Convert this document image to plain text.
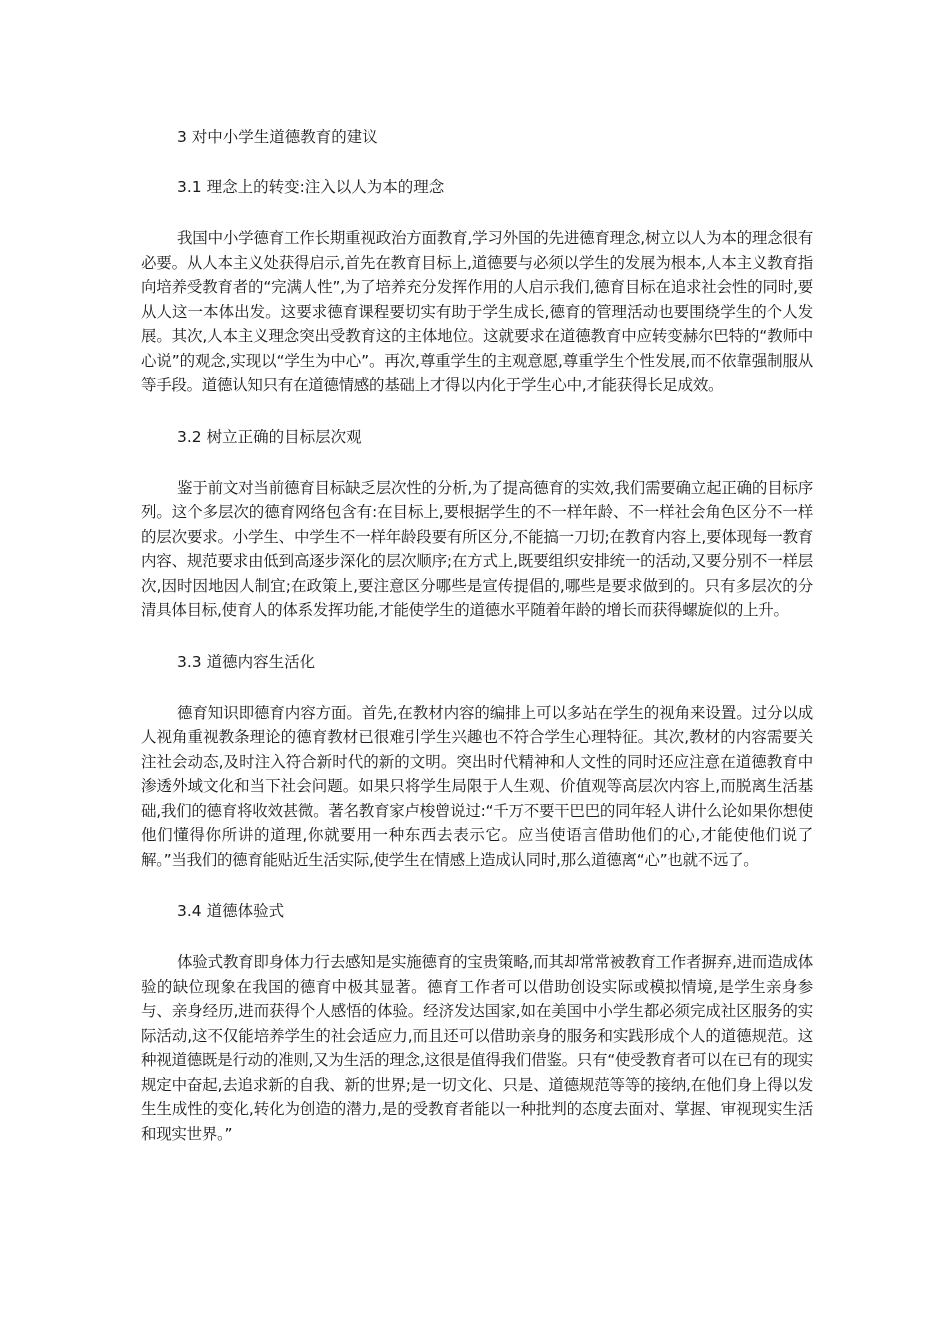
3 对中小学生道德教育的建议

3.1 理念上的转变:注入以人为本的理念

我国中小学德育工作长期重视政治方面教育,学习外国的先进德育理念,树立以人为本的理念很有必要。从人本主义处获得启示,首先在教育目标上,道德要与必须以学生的发展为根本,人本主义教育指向培养受教育者的“完满人性”,为了培养充分发挥作用的人启示我们,德育目标在追求社会性的同时,要从人这一本体出发。这要求德育课程要切实有助于学生成长,德育的管理活动也要围绕学生的个人发展。其次,人本主义理念突出受教育这的主体地位。这就要求在道德教育中应转变赫尔巴特的“教师中心说”的观念,实现以“学生为中心”。再次,尊重学生的主观意愿,尊重学生个性发展,而不依靠强制服从等手段。道德认知只有在道德情感的基础上才得以内化于学生心中,才能获得长足成效。

3.2 树立正确的目标层次观

鉴于前文对当前德育目标缺乏层次性的分析,为了提高德育的实效,我们需要确立起正确的目标序列。这个多层次的德育网络包含有:在目标上,要根据学生的不一样年龄、不一样社会角色区分不一样的层次要求。小学生、中学生不一样年龄段要有所区分,不能搞一刀切;在教育内容上,要体现每一教育内容、规范要求由低到高逐步深化的层次顺序;在方式上,既要组织安排统一的活动,又要分别不一样层次,因时因地因人制宜;在政策上,要注意区分哪些是宣传提倡的,哪些是要求做到的。只有多层次的分清具体目标,使育人的体系发挥功能,才能使学生的道德水平随着年龄的增长而获得螺旋似的上升。

3.3 道德内容生活化

德育知识即德育内容方面。首先,在教材内容的编排上可以多站在学生的视角来设置。过分以成人视角重视教条理论的德育教材已很难引学生兴趣也不符合学生心理特征。其次,教材的内容需要关注社会动态,及时注入符合新时代的新的文明。突出时代精神和人文性的同时还应注意在道德教育中渗透外域文化和当下社会问题。如果只将学生局限于人生观、价值观等高层次内容上,而脱离生活基础,我们的德育将收效甚微。著名教育家卢梭曾说过:“千万不要干巴巴的同年轻人讲什么论如果你想使他们懂得你所讲的道理,你就要用一种东西去表示它。应当使语言借助他们的心,才能使他们说了解。”当我们的德育能贴近生活实际,使学生在情感上造成认同时,那么道德离“心”也就不远了。

3.4 道德体验式

体验式教育即身体力行去感知是实施德育的宝贵策略,而其却常常被教育工作者摒弃,进而造成体验的缺位现象在我国的德育中极其显著。德育工作者可以借助创设实际或模拟情境,是学生亲身参与、亲身经历,进而获得个人感悟的体验。经济发达国家,如在美国中小学生都必须完成社区服务的实际活动,这不仅能培养学生的社会适应力,而且还可以借助亲身的服务和实践形成个人的道德规范。这种视道德既是行动的准则,又为生活的理念,这很是值得我们借鉴。只有“使受教育者可以在已有的现实规定中奋起,去追求新的自我、新的世界;是一切文化、只是、道德规范等等的接纳,在他们身上得以发生生成性的变化,转化为创造的潜力,是的受教育者能以一种批判的态度去面对、掌握、审视现实生活和现实世界。”
